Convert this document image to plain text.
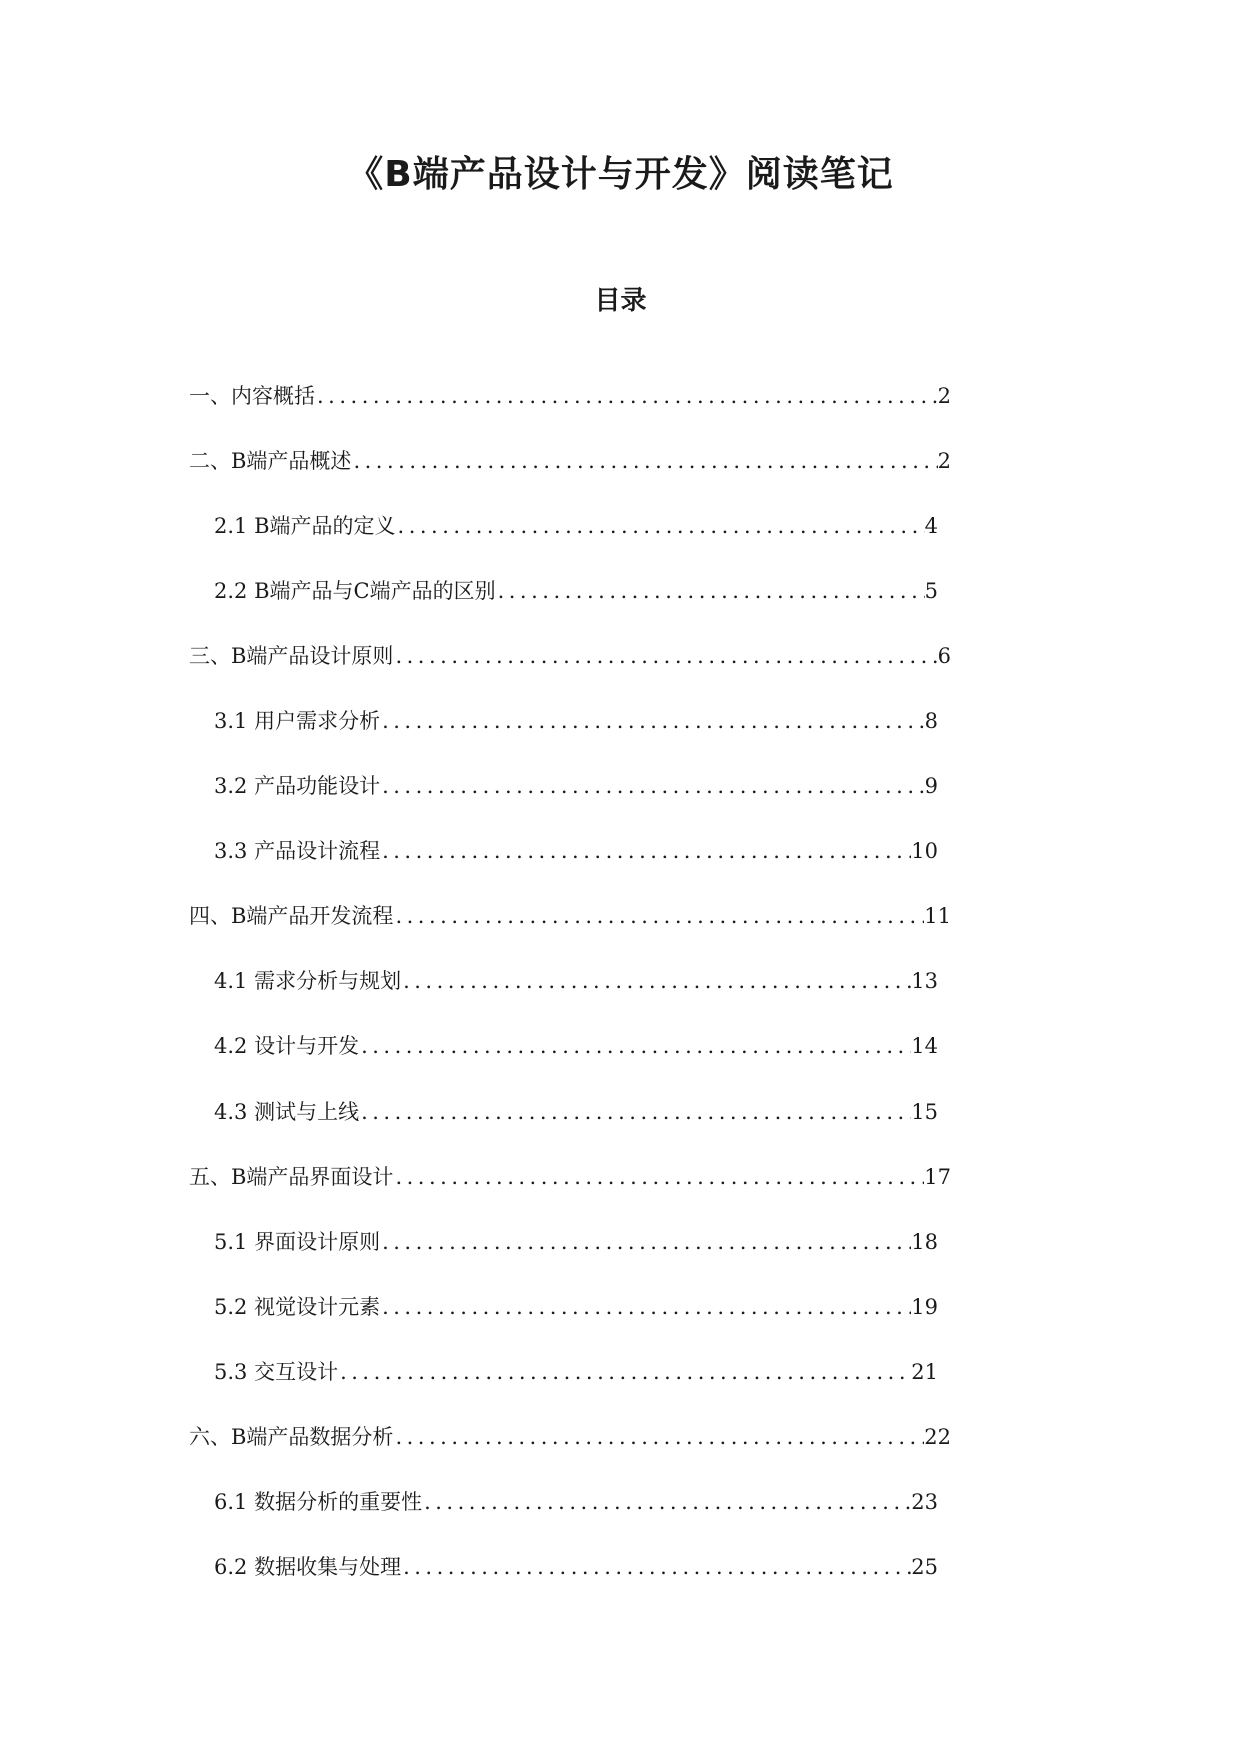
《B端产品设计与开发》阅读笔记
目录
一、内容概括 .....	2
二、B端产品概述 .....	2
2.1 B端产品的定义 .....	4
2.2 B端产品与C端产品的区别 .....	5
三、B端产品设计原则 .....	6
3.1 用户需求分析 .....	8
3.2 产品功能设计 .....	9
3.3 产品设计流程 .....	10
四、B端产品开发流程 .....	11
4.1 需求分析与规划 .....	13
4.2 设计与开发 .....	14
4.3 测试与上线 .....	15
五、B端产品界面设计 .....	17
5.1 界面设计原则 .....	18
5.2 视觉设计元素 .....	19
5.3 交互设计 .....	21
六、B端产品数据分析 .....	22
6.1 数据分析的重要性 .....	23
6.2 数据收集与处理 .....	25
